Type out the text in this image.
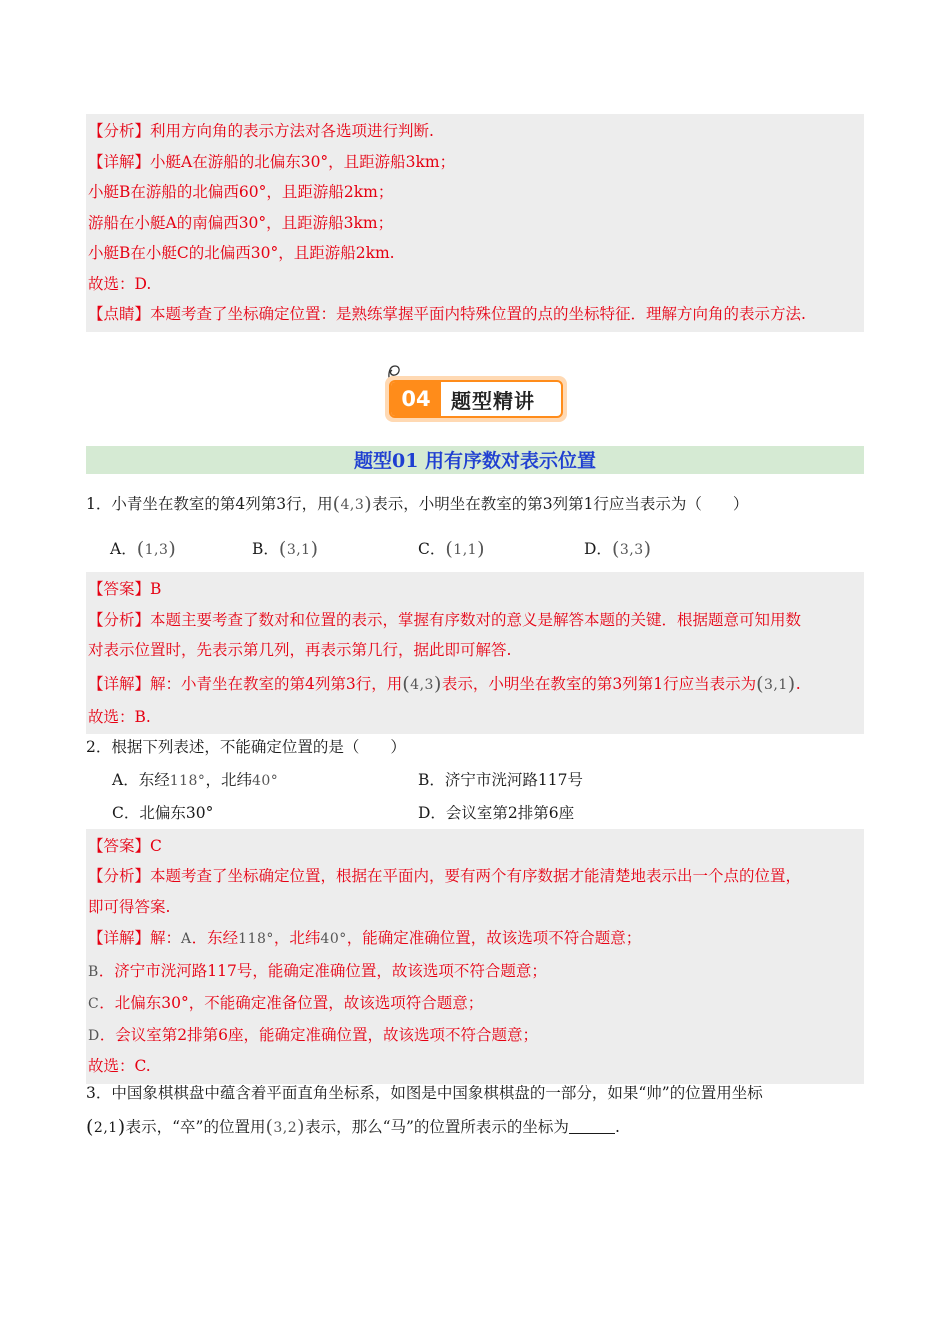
【分析】利用方向角的表示方法对各选项进行判断.
【详解】小艇A在游船的北偏东30°，且距游船3km；
小艇B在游船的北偏西60°，且距游船2km；
游船在小艇A的南偏西30°，且距游船3km；
小艇B在小艇C的北偏西30°，且距游船2km.
故选：D.
【点睛】本题考查了坐标确定位置：是熟练掌握平面内特殊位置的点的坐标特征．理解方向角的表示方法.
04	题型精讲
题型01 用有序数对表示位置
1．小青坐在教室的第4列第3行，用(4,3)表示，小明坐在教室的第3列第1行应当表示为（　　）
A．(1,3)	B．(3,1)	C．(1,1)	D．(3,3)
【答案】B
【分析】本题主要考查了数对和位置的表示，掌握有序数对的意义是解答本题的关键．根据题意可知用数
对表示位置时，先表示第几列，再表示第几行，据此即可解答.
【详解】解：小青坐在教室的第4列第3行，用(4,3)表示，小明坐在教室的第3列第1行应当表示为(3,1).
故选：B.
2．根据下列表述，不能确定位置的是（　　）
A．东经118°，北纬40°	B．济宁市洸河路117号
C．北偏东30°	D．会议室第2排第6座
【答案】C
【分析】本题考查了坐标确定位置，根据在平面内，要有两个有序数据才能清楚地表示出一个点的位置，
即可得答案.
【详解】解：A．东经118°，北纬40°，能确定准确位置，故该选项不符合题意；
B．济宁市洸河路117号，能确定准确位置，故该选项不符合题意；
C．北偏东30°，不能确定准备位置，故该选项符合题意；
D．会议室第2排第6座，能确定准确位置，故该选项不符合题意；
故选：C.
3．中国象棋棋盘中蕴含着平面直角坐标系，如图是中国象棋棋盘的一部分，如果“帅”的位置用坐标
(2,1)表示，“卒”的位置用(3,2)表示，那么“马”的位置所表示的坐标为	.
